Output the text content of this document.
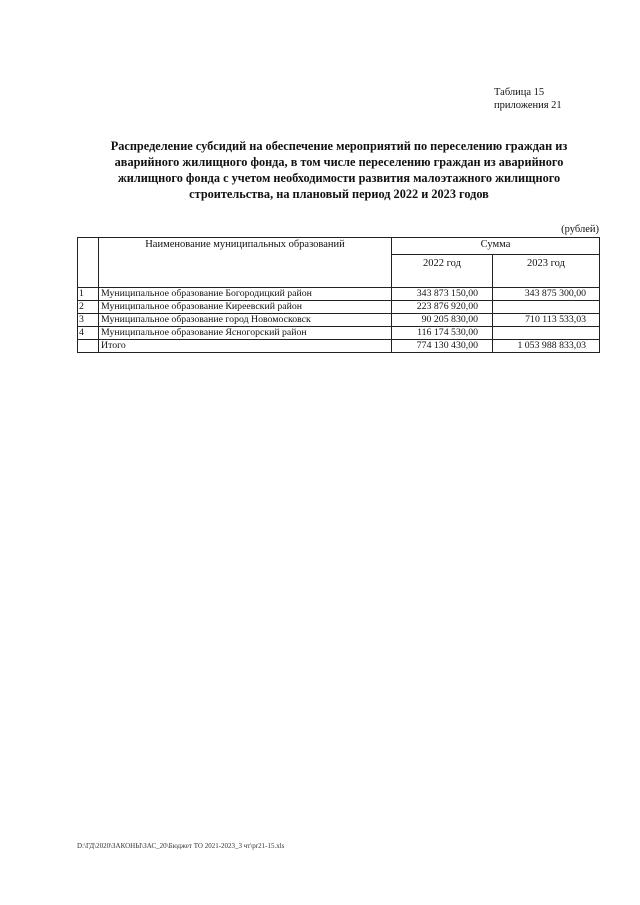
Таблица 15
приложения 21
Распределение субсидий на обеспечение мероприятий по переселению граждан из
аварийного жилищного фонда, в том числе переселению граждан из аварийного
жилищного фонда с учетом необходимости развития малоэтажного жилищного
строительства, на плановый период 2022 и 2023 годов
(рублей)
	Наименование муниципальных образований	Сумма	
		2022 год	2023 год
1	Муниципальное образование Богородицкий район	343 873 150,00	343 875 300,00
2	Муниципальное образование Киреевский район	223 876 920,00	
3	Муниципальное образование город Новомосковск	90 205 830,00	710 113 533,03
4	Муниципальное образование Ясногорский район	116 174 530,00	
	Итого	774 130 430,00	1 053 988 833,03
D:\ГД\2020\ЗАКОНЫ\ЗАС_20\Бюджет ТО 2021-2023_3 чт\pr21-15.xls
